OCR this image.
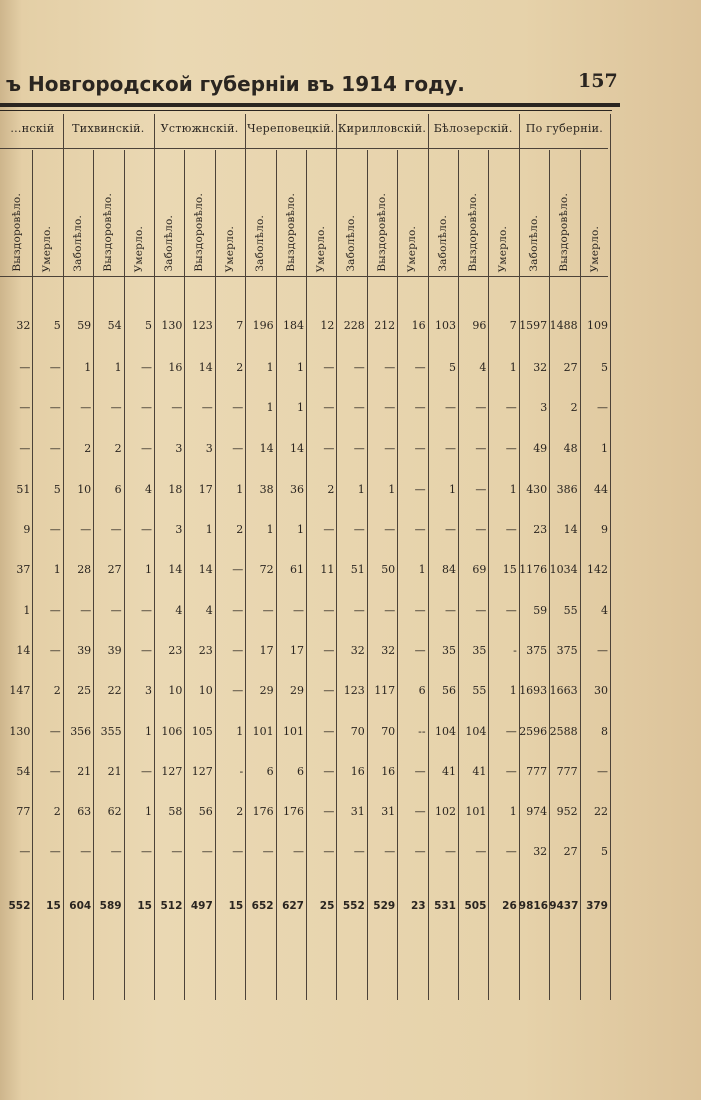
ъ Новгородской губерніи въ 1914 году.	157
...нскій	Тихвинскій.	Устюжнскій. Череповецкій. Кирилловскій. Бѣлозерскій.	По губерніи.
Выздоровѣло. Умерло. Заболѣло. Выздоровѣло. Умерло. Заболѣло. Выздоровѣло. Умерло. Заболѣло. Выздоровѣло. Умерло. Заболѣло. Выздоровѣло. Умерло. Заболѣло. Выздоровѣло. Умерло. Заболѣло. Выздоровѣло. Умерло.
32	5	59	54	5 130 123	7 196 184	12 228 212	16 103	96	7 1597 1488 109
—	—	1	1	—	16	14	2	1	1	—	—	—	—	5	4	1	32	27	5
—	—	—	—	—	—	—	—	1	1	—	—	—	—	—	—	—	3	2	—
—	—	2	2	—	3	3	—	14	14	—	—	—	—	—	—	—	49	48	1
51	5	10	6	4	18	17	1	38	36	2	1	1	—	1	—	1 430 386	44
9	—	—	—	—	3	1	2	1	1	—	—	—	—	—	—	—	23	14	9
37	1	28	27	1	14	14	—	72	61	11	51	50	1	84	69	15 1176 1034 142
1	—	—	—	—	4	4	—	—	—	—	—	—	—	—	—	—	59	55	4
14	—	39	39	—	23	23	—	17	17	—	32	32	—	35	35	- 375 375	—
147	2	25	22	3	10	10	—	29	29	— 123 117	6	56	55	1 1693 1663	30
130	— 356 355	1 106 105	1 101 101	—	70	70	-- 104 104	— 2596 2588	8
54	—	21	21	— 127 127	-	6	6	—	16	16	—	41	41	— 777 777	—
77	2	63	62	1	58	56	2 176 176	—	31	31	— 102 101	1 974 952	22
—	—	—	—	—	—	—	—	—	—	—	—	—	—	—	—	—	32	27	5
552	15 604 589	15 512 497	15 652 627	25 552 529	23 531 505	26 9816 9437 379
